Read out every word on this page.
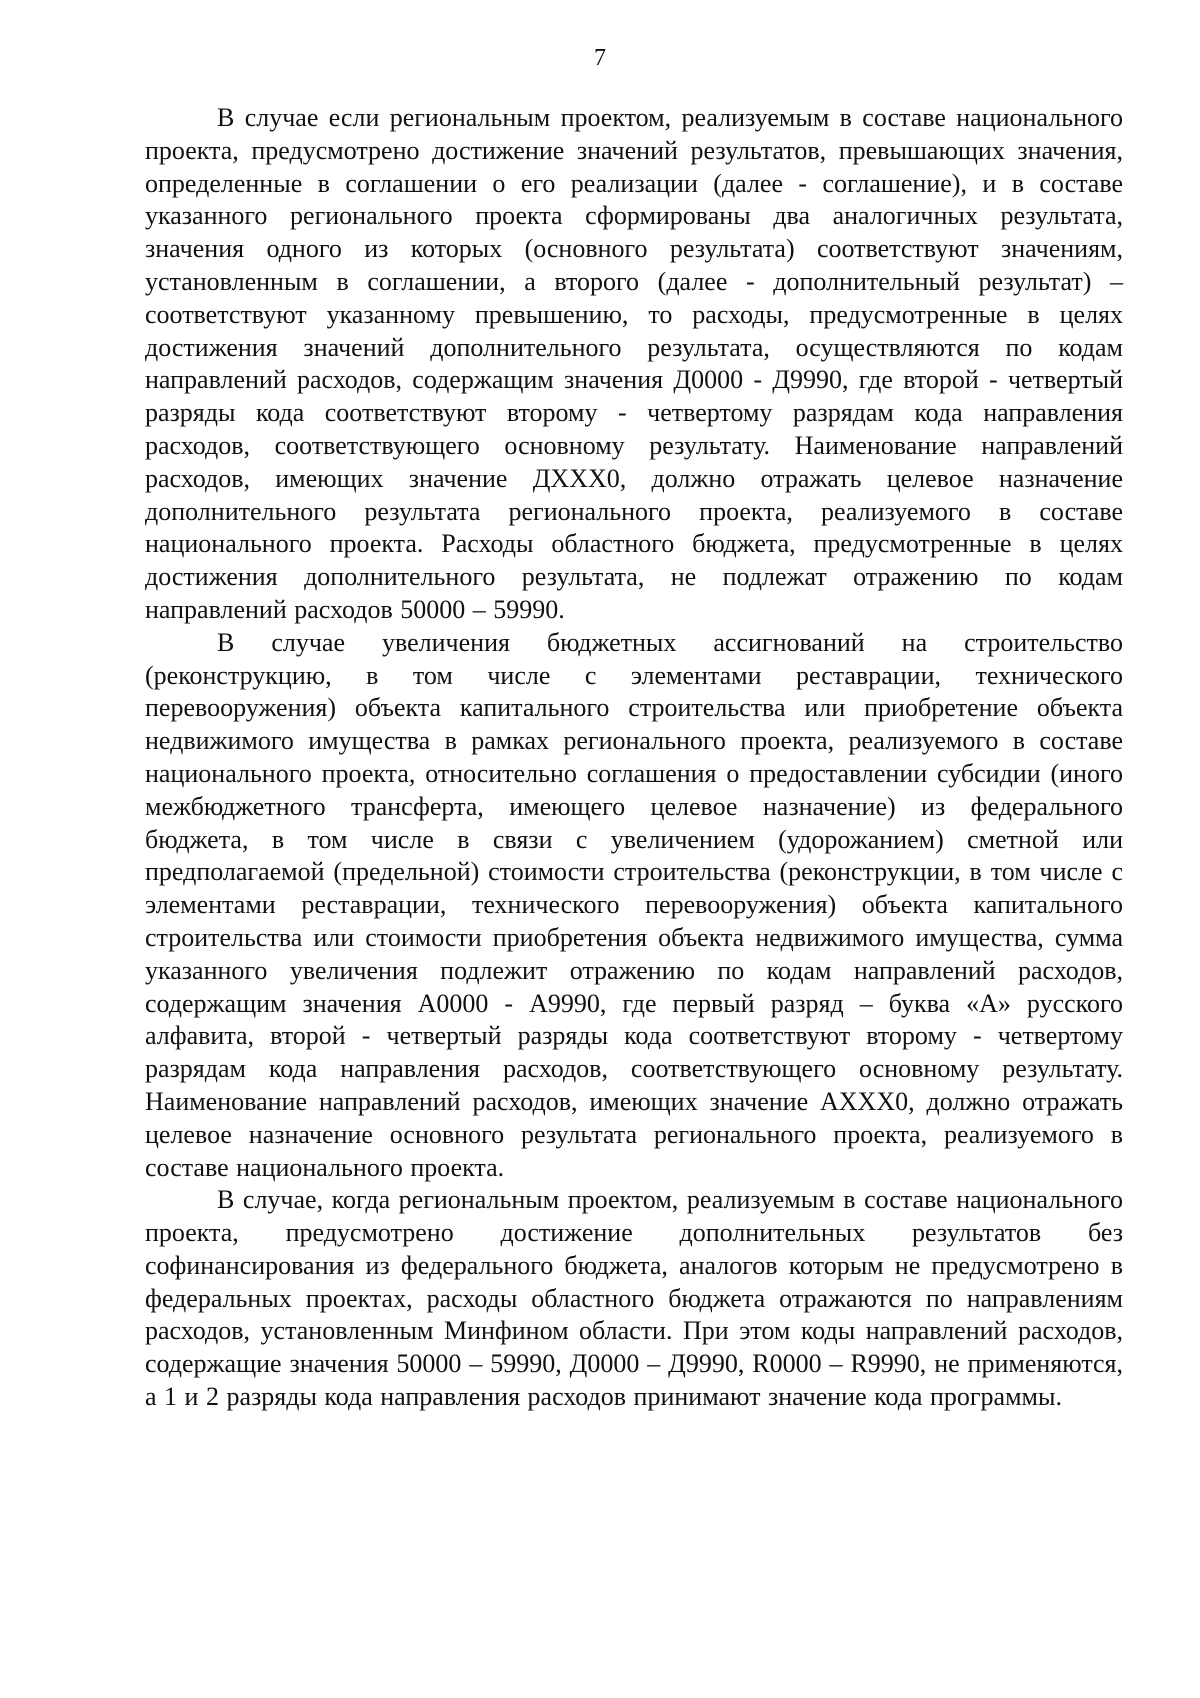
7

В случае если региональным проектом, реализуемым в составе национального проекта, предусмотрено достижение значений результатов, превышающих значения, определенные в соглашении о его реализации (далее - соглашение), и в составе указанного регионального проекта сформированы два аналогичных результата, значения одного из которых (основного результата) соответствуют значениям, установленным в соглашении, а второго (далее - дополнительный результат) – соответствуют указанному превышению, то расходы, предусмотренные в целях достижения значений дополнительного результата, осуществляются по кодам направлений расходов, содержащим значения Д0000 - Д9990, где второй - четвертый разряды кода соответствуют второму - четвертому разрядам кода направления расходов, соответствующего основному результату. Наименование направлений расходов, имеющих значение ДХХХ0, должно отражать целевое назначение дополнительного результата регионального проекта, реализуемого в составе национального проекта. Расходы областного бюджета, предусмотренные в целях достижения дополнительного результата, не подлежат отражению по кодам направлений расходов 50000 – 59990.

В случае увеличения бюджетных ассигнований на строительство (реконструкцию, в том числе с элементами реставрации, технического перевооружения) объекта капитального строительства или приобретение объекта недвижимого имущества в рамках регионального проекта, реализуемого в составе национального проекта, относительно соглашения о предоставлении субсидии (иного межбюджетного трансферта, имеющего целевое назначение) из федерального бюджета, в том числе в связи с увеличением (удорожанием) сметной или предполагаемой (предельной) стоимости строительства (реконструкции, в том числе с элементами реставрации, технического перевооружения) объекта капитального строительства или стоимости приобретения объекта недвижимого имущества, сумма указанного увеличения подлежит отражению по кодам направлений расходов, содержащим значения А0000 - А9990, где первый разряд – буква «А» русского алфавита, второй - четвертый разряды кода соответствуют второму - четвертому разрядам кода направления расходов, соответствующего основному результату. Наименование направлений расходов, имеющих значение АХХХ0, должно отражать целевое назначение основного результата регионального проекта, реализуемого в составе национального проекта.

В случае, когда региональным проектом, реализуемым в составе национального проекта, предусмотрено достижение дополнительных результатов без софинансирования из федерального бюджета, аналогов которым не предусмотрено в федеральных проектах, расходы областного бюджета отражаются по направлениям расходов, установленным Минфином области. При этом коды направлений расходов, содержащие значения 50000 – 59990, Д0000 – Д9990, R0000 – R9990, не применяются, а 1 и 2 разряды кода направления расходов принимают значение кода программы.
